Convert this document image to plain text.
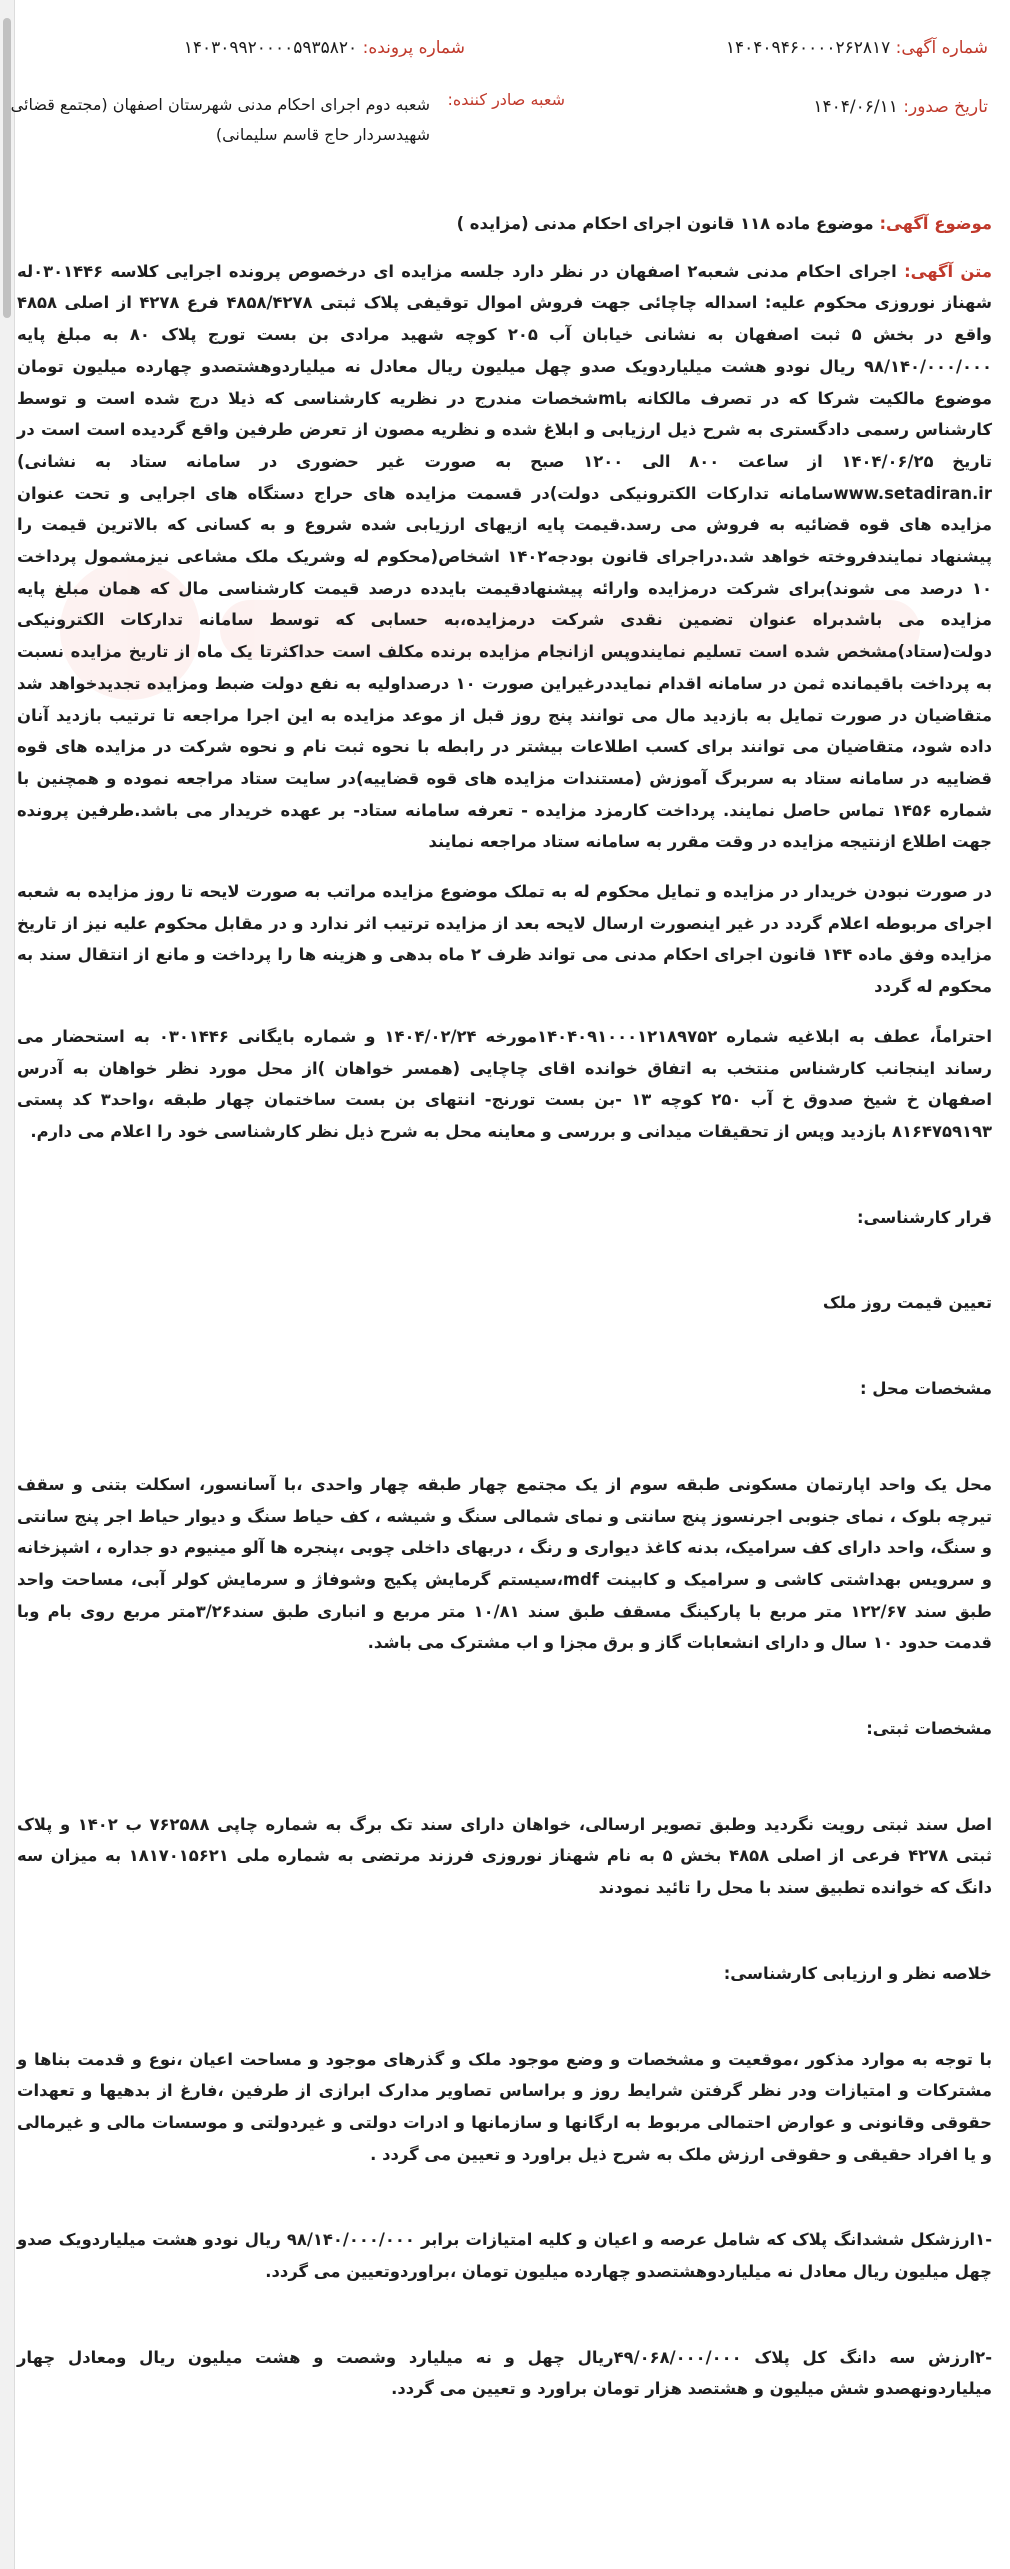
شماره آگهی: ۱۴۰۴۰۹۴۶۰۰۰۰۲۶۲۸۱۷
شماره پرونده: ۱۴۰۳۰۹۹۲۰۰۰۰۵۹۳۵۸۲۰
تاریخ صدور: ۱۴۰۴/۰۶/۱۱
شعبه صادر کننده:
شعبه دوم اجرای احکام مدنی شهرستان اصفهان (مجتمع قضائی شهیدسردار حاج قاسم سلیمانی)

موضوع آگهی: موضوع ماده ۱۱۸ قانون اجرای احکام مدنی (مزایده )

متن آگهی: اجرای احکام مدنی شعبه۲ اصفهان در نظر دارد جلسه مزایده ای درخصوص پرونده اجرایی کلاسه ۰۳۰۱۴۴۶له شهناز نوروزی محکوم علیه: اسداله چاچائی جهت فروش اموال توقیفی پلاک ثبتی ۴۸۵۸/۴۲۷۸ فرع ۴۲۷۸ از اصلی ۴۸۵۸ واقع در بخش ۵ ثبت اصفهان به نشانی خیابان آب ۲۰۵ کوچه شهید مرادی بن بست تورج پلاک ۸۰ به مبلغ پایه ۹۸/۱۴۰/۰۰۰/۰۰۰ ریال نودو هشت میلیاردویک صدو چهل میلیون ریال معادل نه میلیاردوهشتصدو چهارده میلیون تومان موضوع مالکیت شرکا که در تصرف مالکانه باmشخصات مندرج در نظریه کارشناسی که ذیلا درج شده است و توسط کارشناس رسمی دادگستری به شرح ذیل ارزیابی و ابلاغ شده و نظریه مصون از تعرض طرفین واقع گردیده است است در تاریخ ۱۴۰۴/۰۶/۲۵ از ساعت ۸۰۰ الی ۱۲۰۰ صبح به صورت غیر حضوری در سامانه ستاد به نشانی) www.setadiran.irسامانه تدارکات الکترونیکی دولت)در قسمت مزایده های حراج دستگاه های اجرایی و تحت عنوان مزایده های قوه قضائیه به فروش می رسد.قیمت پایه ازیهای ارزیابی شده شروع و به کسانی که بالاترین قیمت را پیشنهاد نمایندفروخته خواهد شد.دراجرای قانون بودجه۱۴۰۲ اشخاص(محکوم له وشریک ملک مشاعی نیزمشمول پرداخت ۱۰ درصد می شوند)برای شرکت درمزایده وارائه پیشنهادقیمت بایدده درصد قیمت کارشناسی مال که همان مبلغ پایه مزایده می باشدبراه عنوان تضمین نقدی شرکت درمزایده،به حسابی که توسط سامانه تدارکات الکترونیکی دولت(ستاد)مشخص شده است تسلیم نمایندوپس ازانجام مزایده برنده مکلف است حداکثرتا یک ماه از تاریخ مزایده نسبت به پرداخت باقیمانده ثمن در سامانه اقدام نمایددرغیراین صورت ۱۰ درصداولیه به نفع دولت ضبط ومزایده تجدیدخواهد شد متقاضیان در صورت تمایل به بازدید مال می توانند پنج روز قبل از موعد مزایده به این اجرا مراجعه تا ترتیب بازدید آنان داده شود، متقاضیان می توانند برای کسب اطلاعات بیشتر در رابطه با نحوه ثبت نام و نحوه شرکت در مزایده های قوه قضاییه در سامانه ستاد به سربرگ آموزش (مستندات مزایده های قوه قضاییه)در سایت ستاد مراجعه نموده و همچنین با شماره ۱۴۵۶ تماس حاصل نمایند. پرداخت کارمزد مزایده - تعرفه سامانه ستاد- بر عهده خریدار می باشد.طرفین پرونده جهت اطلاع ازنتیجه مزایده در وقت مقرر به سامانه ستاد مراجعه نمایند

در صورت نبودن خریدار در مزایده و تمایل محکوم له به تملک موضوع مزایده مراتب به صورت لایحه تا روز مزایده به شعبه اجرای مربوطه اعلام گردد در غیر اینصورت ارسال لایحه بعد از مزایده ترتیب اثر ندارد و در مقابل محکوم علیه نیز از تاریخ مزایده وفق ماده ۱۴۴ قانون اجرای احکام مدنی می تواند ظرف ۲ ماه بدهی و هزینه ها را پرداخت و مانع از انتقال سند به محکوم له گردد

احتراماً، عطف به ابلاغیه شماره ۱۴۰۴۰۹۱۰۰۰۱۲۱۸۹۷۵۲مورخه ۱۴۰۴/۰۲/۲۴ و شماره بایگانی ۰۳۰۱۴۴۶ به استحضار می رساند اینجانب کارشناس منتخب به اتفاق خوانده اقای چاچایی (همسر خواهان )از محل مورد نظر خواهان به آدرس اصفهان خ شیخ صدوق خ آب ۲۵۰ کوچه ۱۳ -بن بست تورنج- انتهای بن بست ساختمان چهار طبقه ،واحد۳ کد پستی ۸۱۶۴۷۵۹۱۹۳ بازدید وپس از تحقیقات میدانی و بررسی و معاینه محل به شرح ذیل نظر کارشناسی خود را اعلام می دارم.

قرار کارشناسی:

تعیین قیمت روز ملک

مشخصات محل :

محل یک واحد اپارتمان مسکونی طبقه سوم از یک مجتمع چهار طبقه چهار واحدی ،با آسانسور، اسکلت بتنی و سقف تیرچه بلوک ، نمای جنوبی اجرنسوز پنج سانتی و نمای شمالی سنگ و شیشه ، کف حیاط سنگ و دیوار حیاط اجر پنج سانتی و سنگ، واحد دارای کف سرامیک، بدنه کاغذ دیواری و رنگ ، دربهای داخلی چوبی ،پنجره ها آلو مینیوم دو جداره ، اشپزخانه و سرویس بهداشتی کاشی و سرامیک و کابینت mdf،سیستم گرمایش پکیج وشوفاژ و سرمایش کولر آبی، مساحت واحد طبق سند ۱۲۲/۶۷ متر مربع با پارکینگ مسقف طبق سند ۱۰/۸۱ متر مربع و انباری طبق سند۳/۲۶متر مربع روی بام وبا قدمت حدود ۱۰ سال و دارای انشعابات گاز و برق مجزا و اب مشترک می باشد.

مشخصات ثبتی:

اصل سند ثبتی رویت نگردید وطبق تصویر ارسالی، خواهان دارای سند تک برگ به شماره چاپی ۷۶۲۵۸۸ ب ۱۴۰۲ و پلاک ثبتی ۴۲۷۸ فرعی از اصلی ۴۸۵۸ بخش ۵ به نام شهناز نوروزی فرزند مرتضی به شماره ملی ۱۸۱۷۰۱۵۶۲۱ به میزان سه دانگ که خوانده تطبیق سند با محل را تائید نمودند

خلاصه نظر و ارزیابی کارشناسی:

با توجه به موارد مذکور ،موقعیت و مشخصات و وضع موجود ملک و گذرهای موجود و مساحت اعیان ،نوع و قدمت بناها و مشترکات و امتیازات ودر نظر گرفتن شرایط روز و براساس تصاویر مدارک ابرازی از طرفین ،فارغ از بدهیها و تعهدات حقوقی وقانونی و عوارض احتمالی مربوط به ارگانها و سازمانها و ادرات دولتی و غیردولتی و موسسات مالی و غیرمالی و یا افراد حقیقی و حقوقی ارزش ملک به شرح ذیل براورد و تعیین می گردد .

-۱ارزشکل ششدانگ پلاک که شامل عرصه و اعیان و کلیه امتیازات برابر ۹۸/۱۴۰/۰۰۰/۰۰۰ ریال نودو هشت میلیاردویک صدو چهل میلیون ریال معادل نه میلیاردوهشتصدو چهارده میلیون تومان ،براوردوتعیین می گردد.

-۲ارزش سه دانگ کل پلاک ۴۹/۰۶۸/۰۰۰/۰۰۰ریال چهل و نه میلیارد وشصت و هشت میلیون ریال ومعادل چهار میلیاردونهصدو شش میلیون و هشتصد هزار تومان براورد و تعیین می گردد.
